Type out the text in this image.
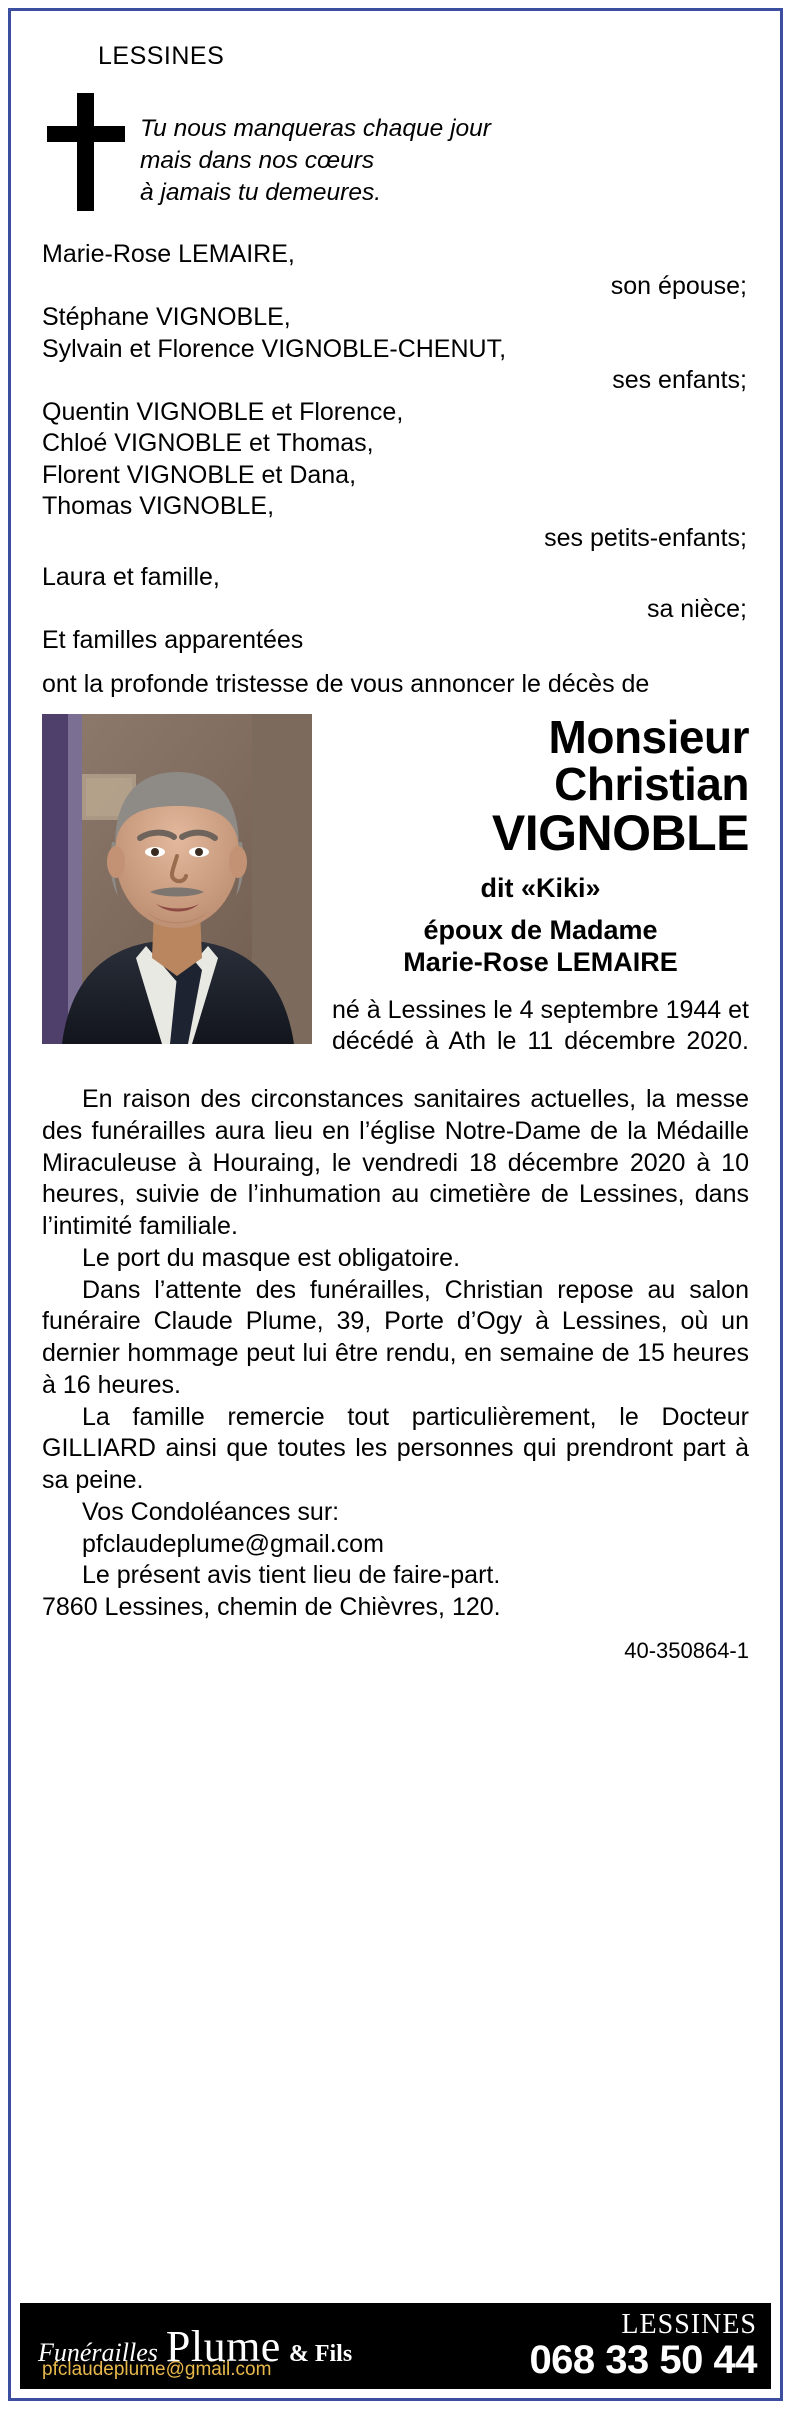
LESSINES
Tu nous manqueras chaque jour
mais dans nos cœurs
à jamais tu demeures.
Marie-Rose LEMAIRE,
son épouse;
Stéphane VIGNOBLE,
Sylvain et Florence VIGNOBLE-CHENUT,
ses enfants;
Quentin VIGNOBLE et Florence,
Chloé VIGNOBLE et Thomas,
Florent VIGNOBLE et Dana,
Thomas VIGNOBLE,
ses petits-enfants;
Laura et famille,
sa nièce;
Et familles apparentées
ont la profonde tristesse de vous annoncer le décès de
Monsieur
Christian
VIGNOBLE
dit «Kiki»
époux de Madame
Marie-Rose LEMAIRE
né à Lessines le 4 septembre 1944 et décédé à Ath le 11 décembre 2020.

En raison des circonstances sanitaires actuelles, la messe des funérailles aura lieu en l’église Notre-Dame de la Médaille Miraculeuse à Houraing, le vendredi 18 décembre 2020 à 10 heures, suivie de l’inhumation au cimetière de Lessines, dans l’intimité familiale.

Le port du masque est obligatoire.

Dans l’attente des funérailles, Christian repose au salon funéraire Claude Plume, 39, Porte d’Ogy à Lessines, où un dernier hommage peut lui être rendu, en semaine de 15 heures à 16 heures.

La famille remercie tout particulièrement, le Docteur GILLIARD ainsi que toutes les personnes qui prendront part à sa peine.

Vos Condoléances sur:

pfclaudeplume@gmail.com

Le présent avis tient lieu de faire-part.

7860 Lessines, chemin de Chièvres, 120.

40-350864-1
Funérailles Plume & Fils
pfclaudeplume@gmail.com
LESSINES
068 33 50 44
